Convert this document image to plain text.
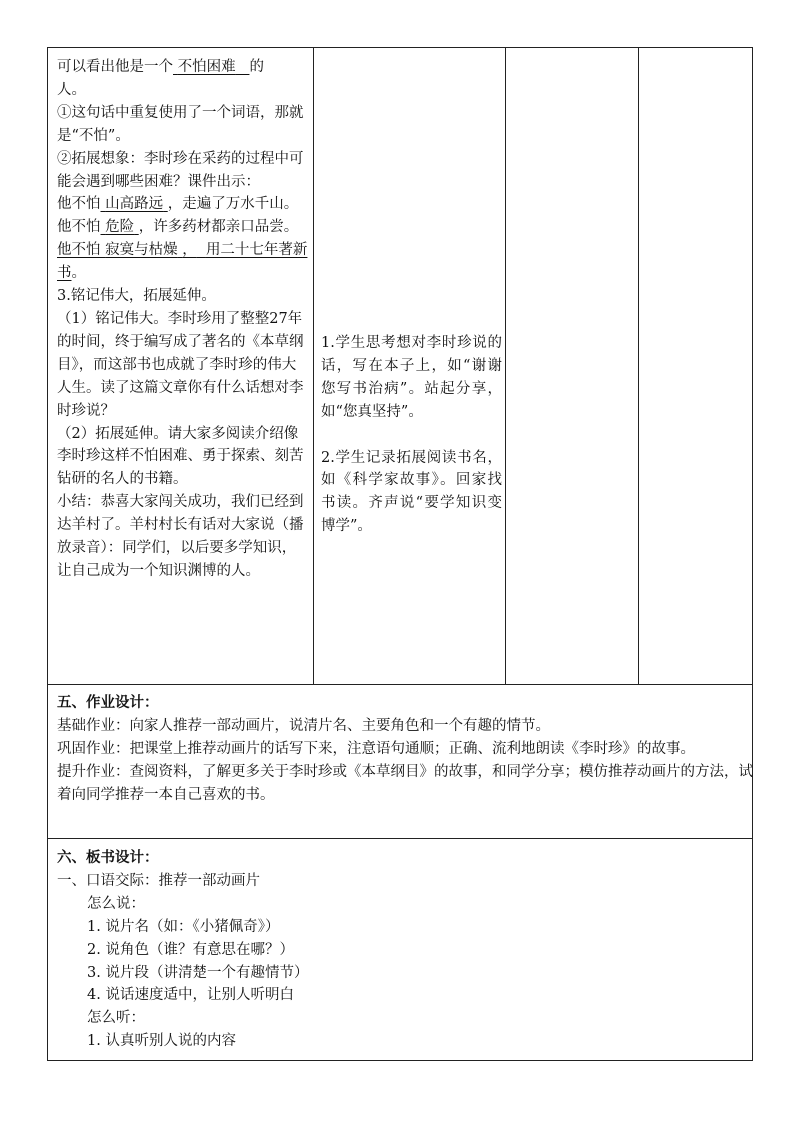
可以看出他是一个 不怕困难 的

人。

①这句话中重复使用了一个词语，那就是“不怕”。

②拓展想象：李时珍在采药的过程中可能会遇到哪些困难？课件出示：

他不怕 山高路远 ，走遍了万水千山。

他不怕 危险 ，许多药材都亲口品尝。

他不怕 寂寞与枯燥 ， 用二十七年著新书。

3.铭记伟大，拓展延伸。

（1）铭记伟大。李时珍用了整整27年的时间，终于编写成了著名的《本草纲目》，而这部书也成就了李时珍的伟大人生。读了这篇文章你有什么话想对李时珍说？

（2）拓展延伸。请大家多阅读介绍像李时珍这样不怕困难、勇于探索、刻苦钻研的名人的书籍。

小结：恭喜大家闯关成功，我们已经到达羊村了。羊村村长有话对大家说（播放录音）：同学们，以后要多学知识，让自己成为一个知识渊博的人。

1.学生思考想对李时珍说的话，写在本子上，如“谢谢您写书治病”。站起分享，如“您真坚持”。

2.学生记录拓展阅读书名，如《科学家故事》。回家找书读。齐声说“要学知识变博学”。

五、作业设计：

基础作业：向家人推荐一部动画片，说清片名、主要角色和一个有趣的情节。

巩固作业：把课堂上推荐动画片的话写下来，注意语句通顺；正确、流利地朗读《李时珍》的故事。

提升作业：查阅资料，了解更多关于李时珍或《本草纲目》的故事，和同学分享；模仿推荐动画片的方法，试着向同学推荐一本自己喜欢的书。

六、板书设计：

一、口语交际：推荐一部动画片

怎么说：

1. 说片名（如：《小猪佩奇》）

2. 说角色（谁？有意思在哪？）

3. 说片段（讲清楚一个有趣情节）

4. 说话速度适中，让别人听明白

怎么听：

1. 认真听别人说的内容
